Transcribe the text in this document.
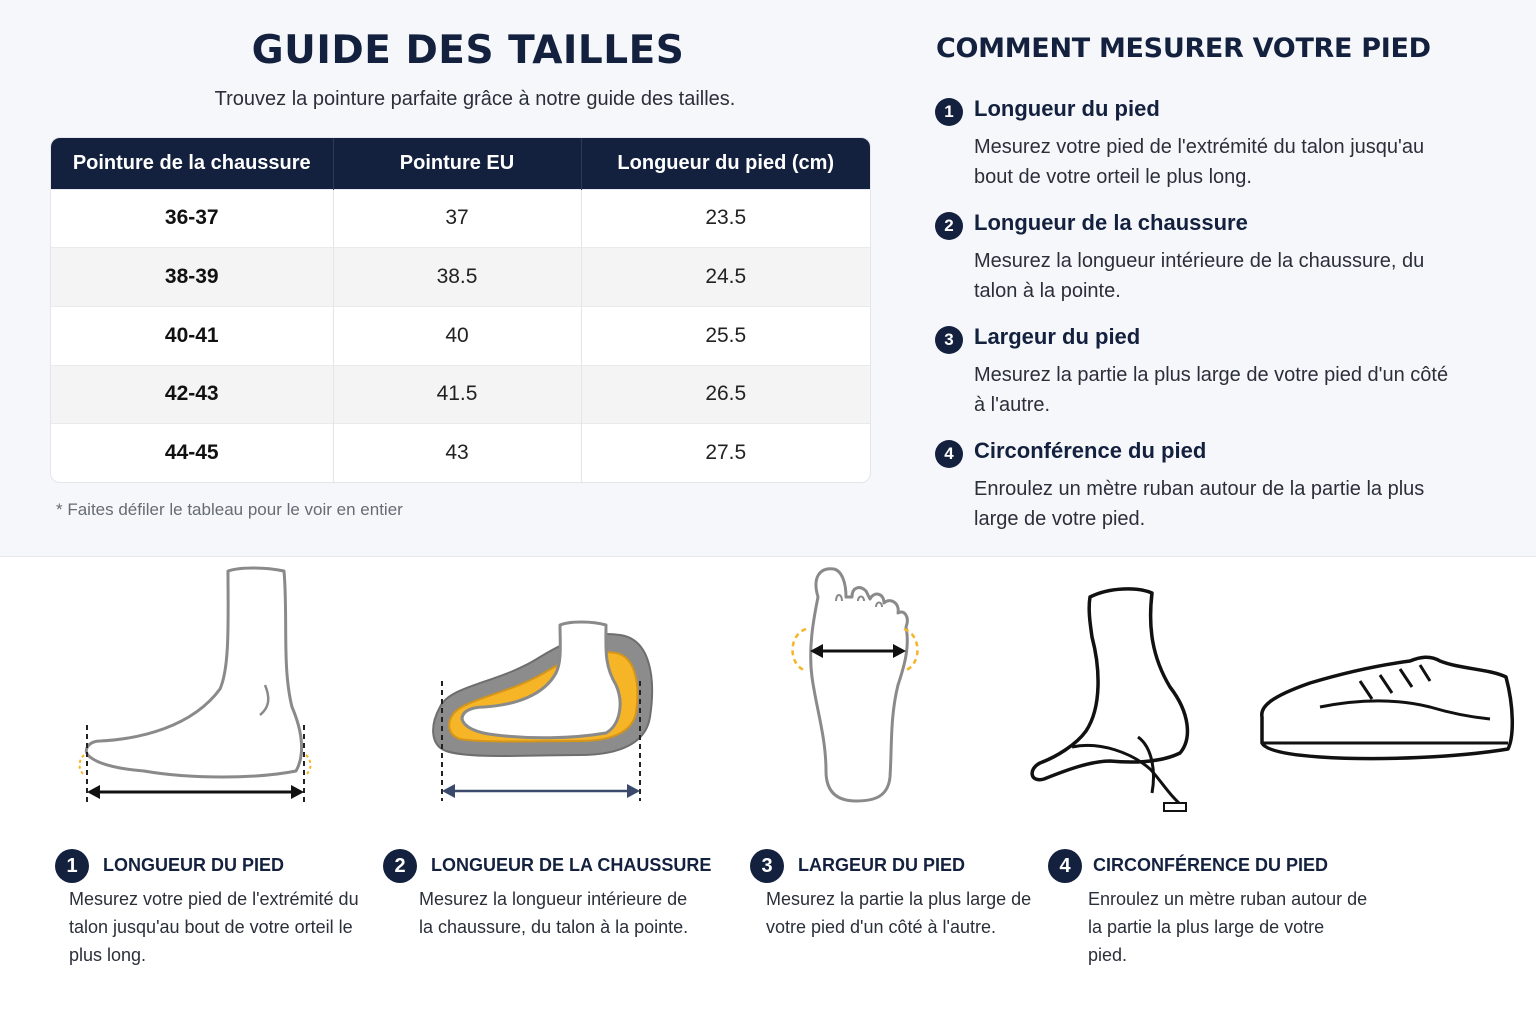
GUIDE DES TAILLES

Trouvez la pointure parfaite grâce à notre guide des tailles.

Pointure de la chaussure	Pointure EU	Longueur du pied (cm)
36-37	37	23.5
38-39	38.5	24.5
40-41	40	25.5
42-43	41.5	26.5
44-45	43	27.5

* Faites défiler le tableau pour le voir en entier

COMMENT MESURER VOTRE PIED
1 Longueur du pied

Mesurez votre pied de l'extrémité du talon jusqu'au bout de votre orteil le plus long.

2 Longueur de la chaussure

Mesurez la longueur intérieure de la chaussure, du talon à la pointe.

3 Largeur du pied

Mesurez la partie la plus large de votre pied d'un côté à l'autre.

4 Circonférence du pied

Enroulez un mètre ruban autour de la partie la plus large de votre pied.

1	LONGUEUR DU PIED

Mesurez votre pied de l'extrémité du talon jusqu'au bout de votre orteil le plus long.

2	LONGUEUR DE LA CHAUSSURE

Mesurez la longueur intérieure de la chaussure, du talon à la pointe.

3	LARGEUR DU PIED

Mesurez la partie la plus large de votre pied d'un côté à l'autre.

4	CIRCONFÉRENCE DU PIED

Enroulez un mètre ruban autour de la partie la plus large de votre pied.
